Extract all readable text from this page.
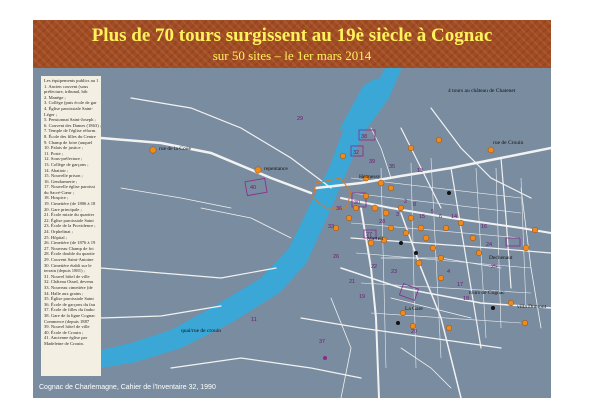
Plus de 70 tours surgissent au 19è siècle à Cognac
sur 50 sites – le 1er mars 2014
Les équipements publics au 1
1. Ancien couvent (sous
préfecture, tribunal, bib
2. Manège ;
3. Collège (puis école de gar
4. Église paroissiale Saint-
Léger ;
5. Pensionnat Saint-Joseph ;
6. Couvent des Dames (1863) ;
7. Temple de l'église réform.
8. École des filles du Centre
9. Champ de foire (auquel
10. Palais de justice ;
11. Poste ;
12. Sous-préfecture ;
13. Collège de garçons ;
14. Abattoir ;
15. Nouvelle prison ;
16. Gendarmerie ;
17. Nouvelle église paroissi
du Sacré-Cœur ;
18. Hospice ;
19. Cimetière (de 1806 à 18
20. Gare principale ;
21. École mixte du quartier
22. Église paroissiale Saint
23. École de la Providence ;
24. Orphelinat ;
25. Hôpital ;
26. Cimetière (de 1876 à 19
27. Nouveau Champ de foi
28. École double du quartie
29. Couvent Saint-Antoine
30. Cimetière établi sur le
terrain (depuis 1881) ;
31. Nouvel hôtel de ville
32. Château Otard, devenu
33. Nouveau cimetière (de
34. Halle aux grains ;
35. Église paroissiale Saint
36. École de garçons du fau
37. École de filles du faubo
38. Gare de la ligne Cognac
Commerce (depuis 1887
39. Nouvel hôtel de ville
40. École de Crouin ;
41. Ancienne église par
Madeleine de Crouin.
29
38
32
35
13
30
36
33
39
26
27
22
19
21
23
40
2 8
15
3	5
6 14
16
24
25
28
4
17
18
20
37
11
rue de la Coue
4 tours au château de Chatenet
rue de Crouin
repentance
Hennessy
Martell
Dechenaut
quai/rue de crouin
La Gare	villa Dumont
tours de Cognac
Cognac de Charlemagne, Cahier de l'Inventaire 32, 1990
